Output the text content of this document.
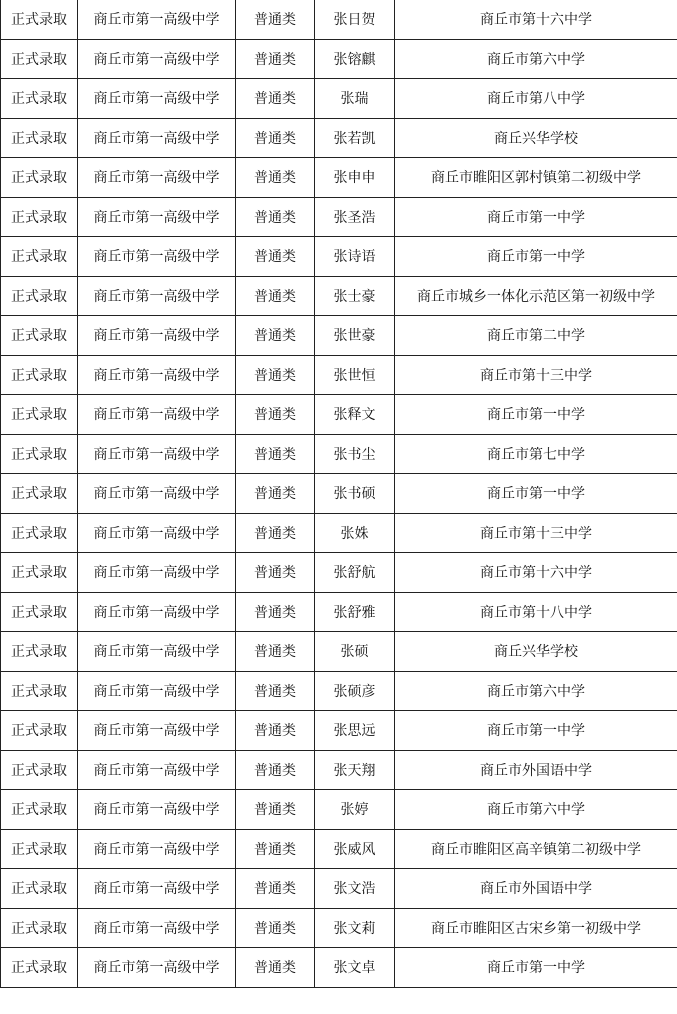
正式录取	商丘市第一高级中学	普通类	张日贺	商丘市第十六中学
正式录取	商丘市第一高级中学	普通类	张镕麒	商丘市第六中学
正式录取	商丘市第一高级中学	普通类	张瑞	商丘市第八中学
正式录取	商丘市第一高级中学	普通类	张若凯	商丘兴华学校
正式录取	商丘市第一高级中学	普通类	张申申	商丘市睢阳区郭村镇第二初级中学
正式录取	商丘市第一高级中学	普通类	张圣浩	商丘市第一中学
正式录取	商丘市第一高级中学	普通类	张诗语	商丘市第一中学
正式录取	商丘市第一高级中学	普通类	张士豪	商丘市城乡一体化示范区第一初级中学
正式录取	商丘市第一高级中学	普通类	张世豪	商丘市第二中学
正式录取	商丘市第一高级中学	普通类	张世恒	商丘市第十三中学
正式录取	商丘市第一高级中学	普通类	张释文	商丘市第一中学
正式录取	商丘市第一高级中学	普通类	张书尘	商丘市第七中学
正式录取	商丘市第一高级中学	普通类	张书硕	商丘市第一中学
正式录取	商丘市第一高级中学	普通类	张姝	商丘市第十三中学
正式录取	商丘市第一高级中学	普通类	张舒航	商丘市第十六中学
正式录取	商丘市第一高级中学	普通类	张舒雅	商丘市第十八中学
正式录取	商丘市第一高级中学	普通类	张硕	商丘兴华学校
正式录取	商丘市第一高级中学	普通类	张硕彦	商丘市第六中学
正式录取	商丘市第一高级中学	普通类	张思远	商丘市第一中学
正式录取	商丘市第一高级中学	普通类	张天翔	商丘市外国语中学
正式录取	商丘市第一高级中学	普通类	张婷	商丘市第六中学
正式录取	商丘市第一高级中学	普通类	张威风	商丘市睢阳区高辛镇第二初级中学
正式录取	商丘市第一高级中学	普通类	张文浩	商丘市外国语中学
正式录取	商丘市第一高级中学	普通类	张文莉	商丘市睢阳区古宋乡第一初级中学
正式录取	商丘市第一高级中学	普通类	张文卓	商丘市第一中学
